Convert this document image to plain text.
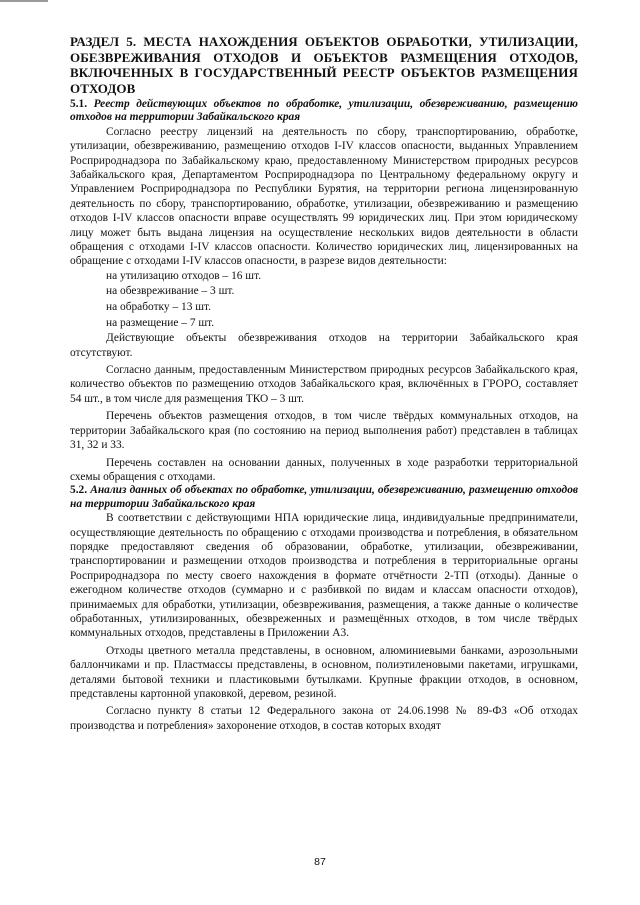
РАЗДЕЛ 5. МЕСТА НАХОЖДЕНИЯ ОБЪЕКТОВ ОБРАБОТКИ, УТИЛИЗАЦИИ, ОБЕЗВРЕЖИВАНИЯ ОТХОДОВ И ОБЪЕКТОВ РАЗМЕЩЕНИЯ ОТХОДОВ, ВКЛЮЧЕННЫХ В ГОСУДАРСТВЕННЫЙ РЕЕСТР ОБЪЕКТОВ РАЗМЕЩЕНИЯ ОТХОДОВ
5.1. Реестр действующих объектов по обработке, утилизации, обезвреживанию, размещению отходов на территории Забайкальского края

Согласно реестру лицензий на деятельность по сбору, транспортированию, обработке, утилизации, обезвреживанию, размещению отходов I-IV классов опасности, выданных Управлением Росприроднадзора по Забайкальскому краю, предоставленному Министерством природных ресурсов Забайкальского края, Департаментом Росприроднадзора по Центральному федеральному округу и Управлением Росприроднадзора по Республики Бурятия, на территории региона лицензированную деятельность по сбору, транспортированию, обработке, утилизации, обезвреживанию и размещению отходов I-IV классов опасности вправе осуществлять 99 юридических лиц. При этом юридическому лицу может быть выдана лицензия на осуществление нескольких видов деятельности в области обращения с отходами I-IV классов опасности. Количество юридических лиц, лицензированных на обращение с отходами I-IV классов опасности, в разрезе видов деятельности:

на утилизацию отходов – 16 шт.
на обезвреживание – 3 шт.
на обработку – 13 шт.
на размещение – 7 шт.

Действующие объекты обезвреживания отходов на территории Забайкальского края отсутствуют.

Согласно данным, предоставленным Министерством природных ресурсов Забайкальского края, количество объектов по размещению отходов Забайкальского края, включённых в ГРОРО, составляет 54 шт., в том числе для размещения ТКО – 3 шт.

Перечень объектов размещения отходов, в том числе твёрдых коммунальных отходов, на территории Забайкальского края (по состоянию на период выполнения работ) представлен в таблицах 31, 32 и 33.

Перечень составлен на основании данных, полученных в ходе разработки территориальной схемы обращения с отходами.

5.2. Анализ данных об объектах по обработке, утилизации, обезвреживанию, размещению отходов на территории Забайкальского края

В соответствии с действующими НПА юридические лица, индивидуальные предприниматели, осуществляющие деятельность по обращению с отходами производства и потребления, в обязательном порядке предоставляют сведения об образовании, обработке, утилизации, обезвреживании, транспортировании и размещении отходов производства и потребления в территориальные органы Росприроднадзора по месту своего нахождения в формате отчётности 2-ТП (отходы). Данные о ежегодном количестве отходов (суммарно и с разбивкой по видам и классам опасности отходов), принимаемых для обработки, утилизации, обезвреживания, размещения, а также данные о количестве обработанных, утилизированных, обезвреженных и размещённых отходов, в том числе твёрдых коммунальных отходов, представлены в Приложении А3.

Отходы цветного металла представлены, в основном, алюминиевыми банками, аэрозольными баллончиками и пр. Пластмассы представлены, в основном, полиэтиленовыми пакетами, игрушками, деталями бытовой техники и пластиковыми бутылками. Крупные фракции отходов, в основном, представлены картонной упаковкой, деревом, резиной.

Согласно пункту 8 статьи 12 Федерального закона от 24.06.1998 № 89-ФЗ «Об отходах производства и потребления» захоронение отходов, в состав которых входят

87
